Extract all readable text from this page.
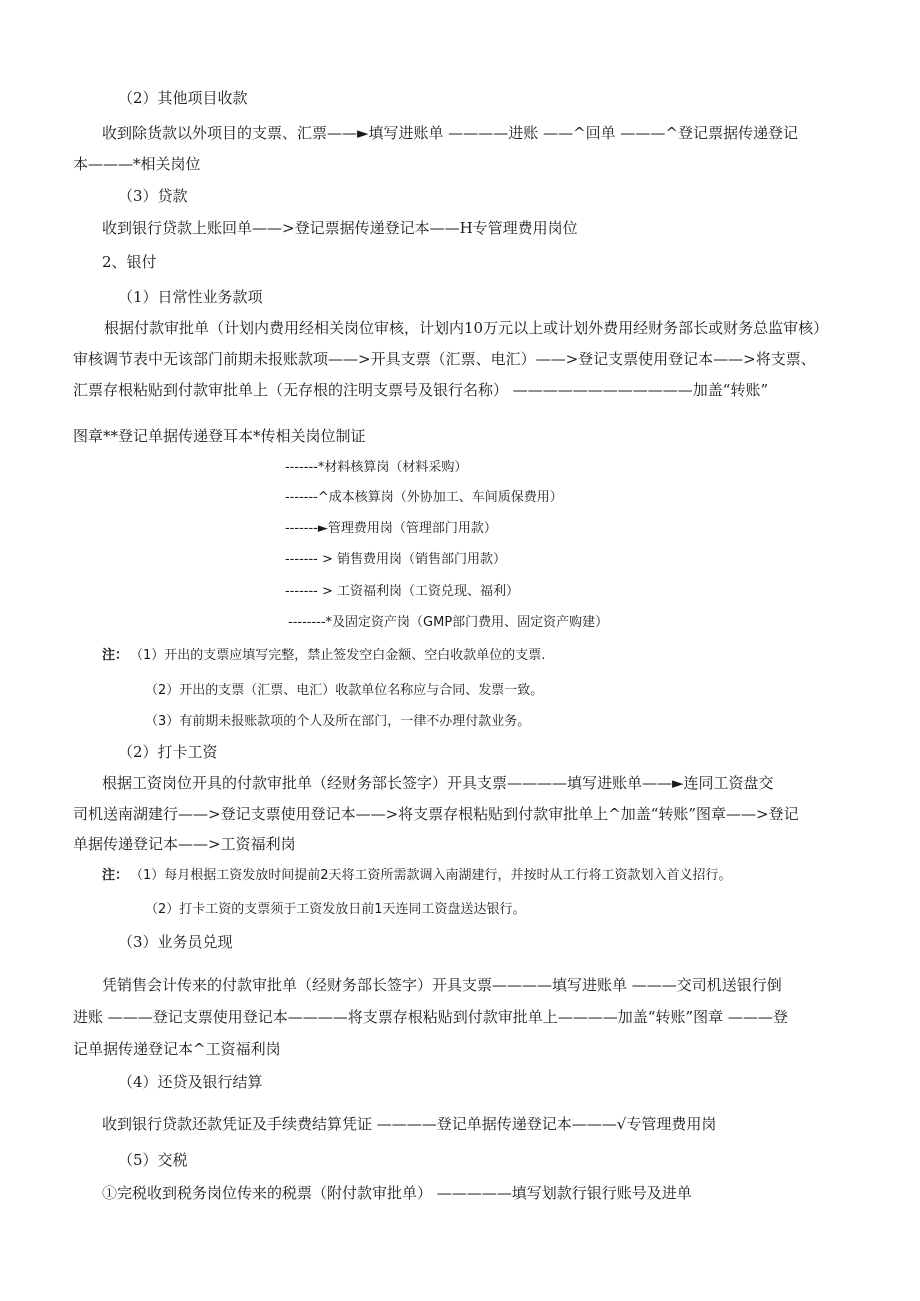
（2）其他项目收款
收到除货款以外项目的支票、汇票——►填写进账单 ————进账 ——^回单 ———^登记票据传递登记
本———*相关岗位
（3）贷款
收到银行贷款上账回单——>登记票据传递登记本——H专管理费用岗位
2、银付
（1）日常性业务款项
根据付款审批单（计划内费用经相关岗位审核，计划内10万元以上或计划外费用经财务部长或财务总监审核）
审核调节表中无该部门前期未报账款项——>开具支票（汇票、电汇）——>登记支票使用登记本——>将支票、
汇票存根粘贴到付款审批单上（无存根的注明支票号及银行名称） ————————————加盖“转账”
图章**登记单据传递登耳本*传相关岗位制证
-------*材料核算岗（材料采购）
-------^成本核算岗（外协加工、车间质保费用）
-------►管理费用岗（管理部门用款）
------- > 销售费用岗（销售部门用款）
------- > 工资福利岗（工资兑现、福利）
--------*及固定资产岗（GMP部门费用、固定资产购建）
注： （1）开出的支票应填写完整，禁止签发空白金额、空白收款单位的支票.
（2）开出的支票（汇票、电汇）收款单位名称应与合同、发票一致。
（3）有前期未报账款项的个人及所在部门，一律不办理付款业务。
（2）打卡工资
根据工资岗位开具的付款审批单（经财务部长签字）开具支票————填写进账单——►连同工资盘交
司机送南湖建行——>登记支票使用登记本——>将支票存根粘贴到付款审批单上^加盖“转账”图章——>登记
单据传递登记本——>工资福利岗
注： （1）每月根据工资发放时间提前2天将工资所需款调入南湖建行，并按时从工行将工资款划入首义招行。
（2）打卡工资的支票须于工资发放日前1天连同工资盘送达银行。
（3）业务员兑现
凭销售会计传来的付款审批单（经财务部长签字）开具支票————填写进账单 ———交司机送银行倒
进账 ———登记支票使用登记本————将支票存根粘贴到付款审批单上————加盖“转账”图章 ———登
记单据传递登记本^工资福利岗
（4）还贷及银行结算
收到银行贷款还款凭证及手续费结算凭证 ————登记单据传递登记本———√专管理费用岗
（5）交税
①完税收到税务岗位传来的税票（附付款审批单） —————填写划款行银行账号及进单
